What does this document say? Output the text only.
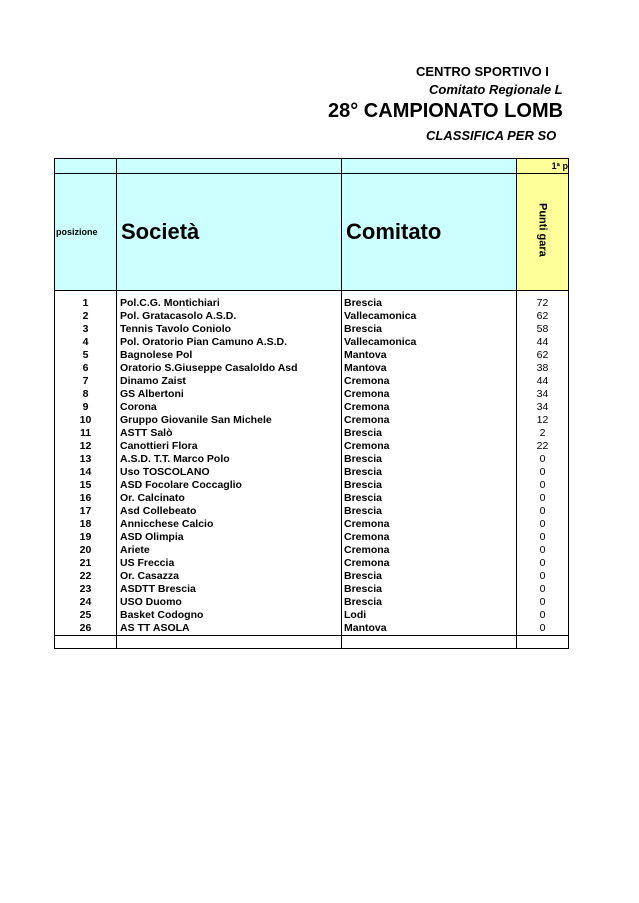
CENTRO SPORTIVO I
Comitato Regionale L
28° CAMPIONATO LOMB
CLASSIFICA PER SO
			1ª p
posizione	Società	Comitato	Punti gara

1	Pol.C.G. Montichiari	Brescia	72
2	Pol. Gratacasolo A.S.D.	Vallecamonica	62
3	Tennis Tavolo Coniolo	Brescia	58
4	Pol. Oratorio Pian Camuno A.S.D.	Vallecamonica	44
5	Bagnolese Pol	Mantova	62
6	Oratorio S.Giuseppe Casaloldo Asd	Mantova	38
7	Dinamo Zaist	Cremona	44
8	GS Albertoni	Cremona	34
9	Corona	Cremona	34
10	Gruppo Giovanile San Michele	Cremona	12
11	ASTT Salò	Brescia	2
12	Canottieri Flora	Cremona	22
13	A.S.D. T.T. Marco Polo	Brescia	0
14	Uso TOSCOLANO	Brescia	0
15	ASD Focolare Coccaglio	Brescia	0
16	Or. Calcinato	Brescia	0
17	Asd Collebeato	Brescia	0
18	Annicchese Calcio	Cremona	0
19	ASD Olimpia	Cremona	0
20	Ariete	Cremona	0
21	US Freccia	Cremona	0
22	Or. Casazza	Brescia	0
23	ASDTT Brescia	Brescia	0
24	USO Duomo	Brescia	0
25	Basket Codogno	Lodi	0
26	AS TT ASOLA	Mantova	0
